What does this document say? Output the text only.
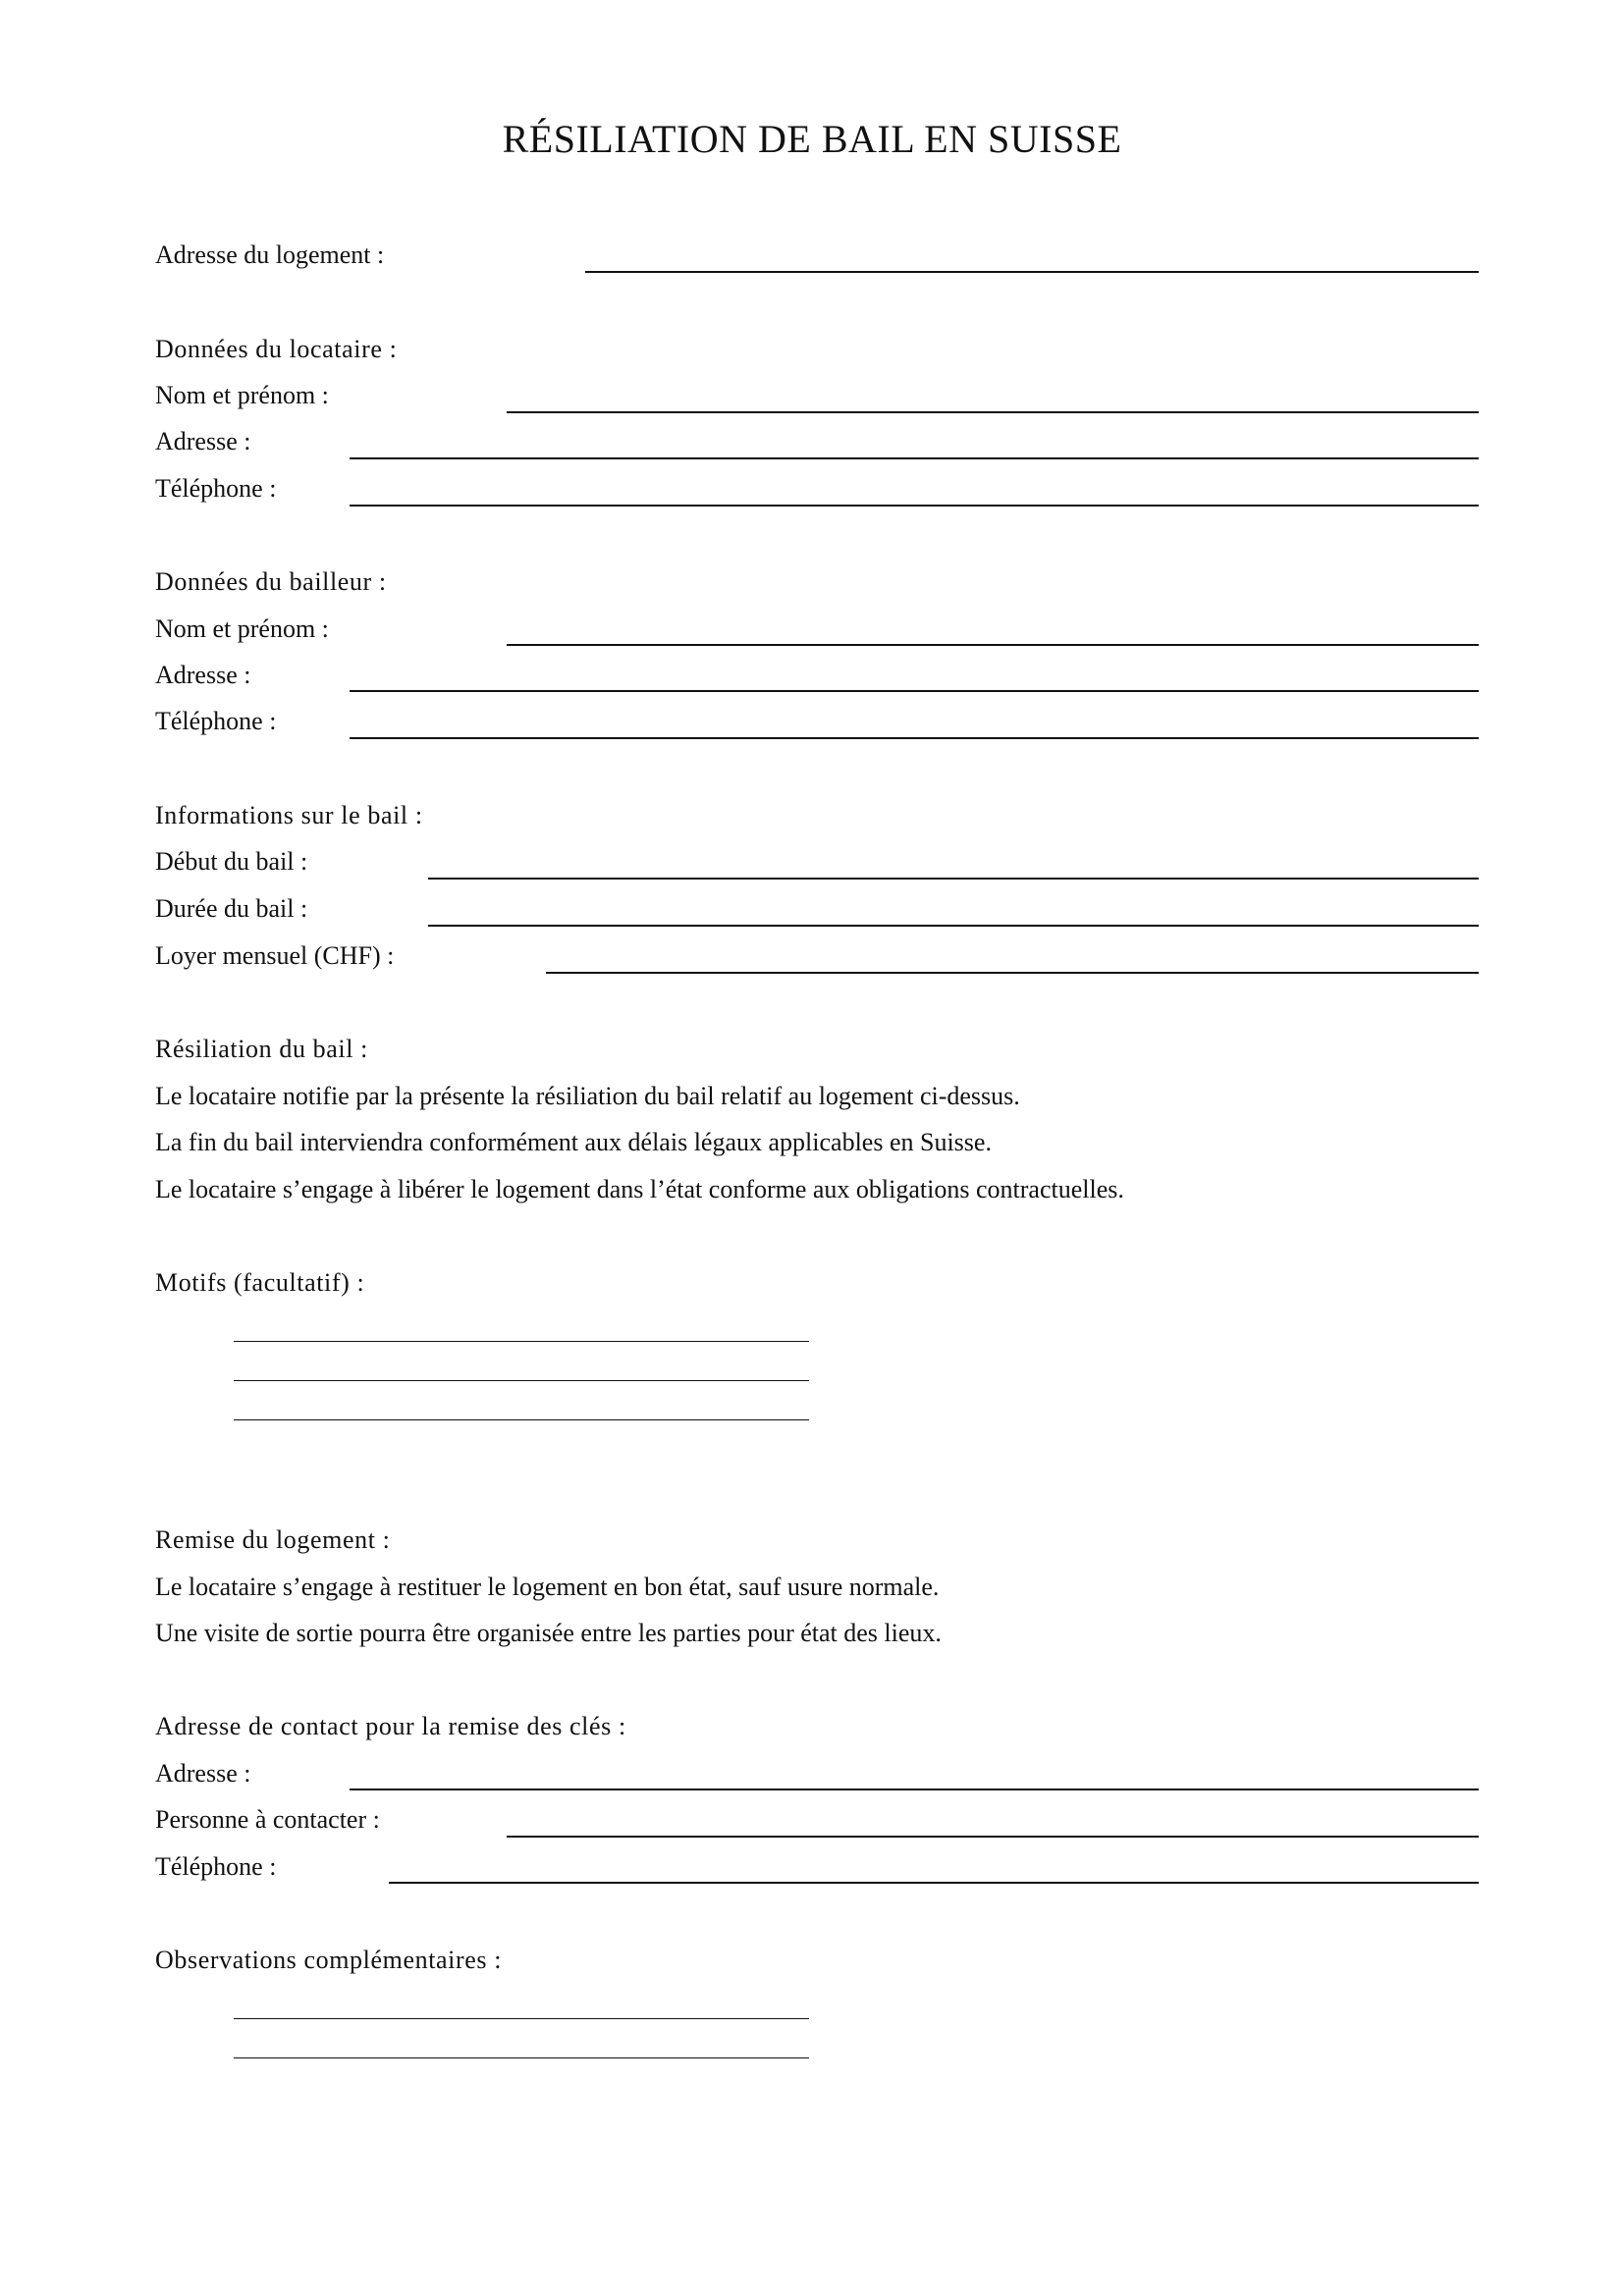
RÉSILIATION DE BAIL EN SUISSE
Adresse du logement :
Données du locataire :
Nom et prénom :
Adresse :
Téléphone :
Données du bailleur :
Nom et prénom :
Adresse :
Téléphone :
Informations sur le bail :
Début du bail :
Durée du bail :
Loyer mensuel (CHF) :
Résiliation du bail :
Le locataire notifie par la présente la résiliation du bail relatif au logement ci-dessus.
La fin du bail interviendra conformément aux délais légaux applicables en Suisse.
Le locataire s’engage à libérer le logement dans l’état conforme aux obligations contractuelles.
Motifs (facultatif) :
Remise du logement :
Le locataire s’engage à restituer le logement en bon état, sauf usure normale.
Une visite de sortie pourra être organisée entre les parties pour état des lieux.
Adresse de contact pour la remise des clés :
Adresse :
Personne à contacter :
Téléphone :
Observations complémentaires :
